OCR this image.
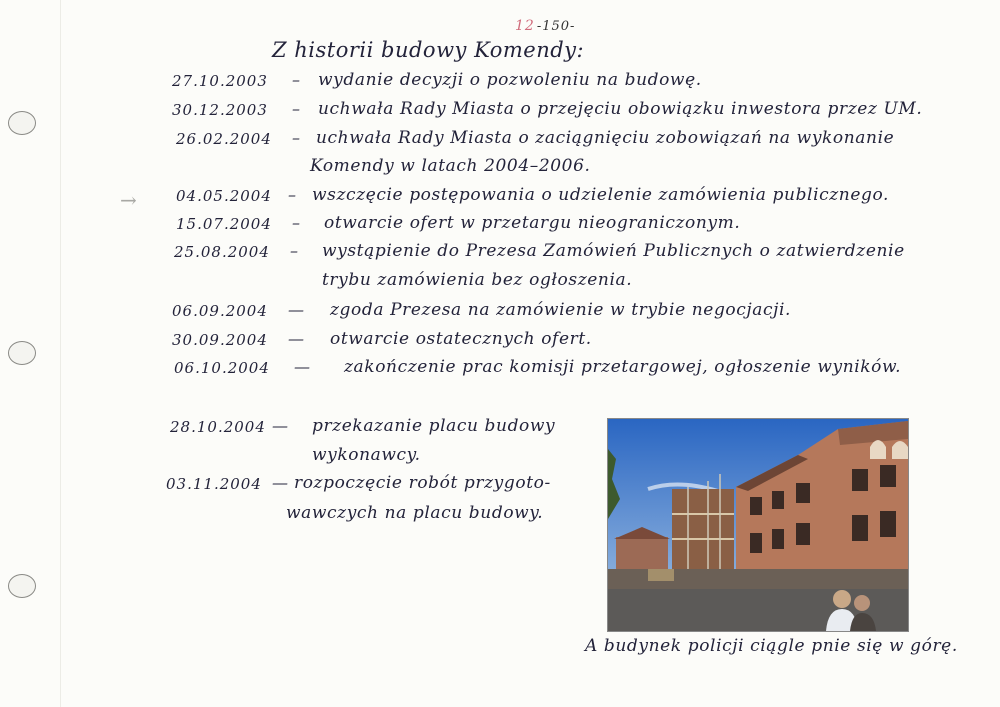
12 -150-
Z historii budowy Komendy:
→
27.10.2003	– wydanie decyzji o pozwoleniu na budowę.
30.12.2003	– uchwała Rady Miasta o przejęciu obowiązku inwestora przez UM.
26.02.2004	– uchwała Rady Miasta o zaciągnięciu zobowiązań na wykonanie
Komendy w latach 2004–2006.
04.05.2004	– wszczęcie postępowania o udzielenie zamówienia publicznego.
15.07.2004	– otwarcie ofert w przetargu nieograniczonym.
25.08.2004	– wystąpienie do Prezesa Zamówień Publicznych o zatwierdzenie
trybu zamówienia bez ogłoszenia.
06.09.2004	— zgoda Prezesa na zamówienie w trybie negocjacji.
30.09.2004	— otwarcie ostatecznych ofert.
06.10.2004	— zakończenie prac komisji przetargowej, ogłoszenie wyników.
28.10.2004 — przekazanie placu budowy
wykonawcy.
03.11.2004 — rozpoczęcie robót przygoto-
wawczych na placu budowy.
A budynek policji ciągle pnie się w górę.
